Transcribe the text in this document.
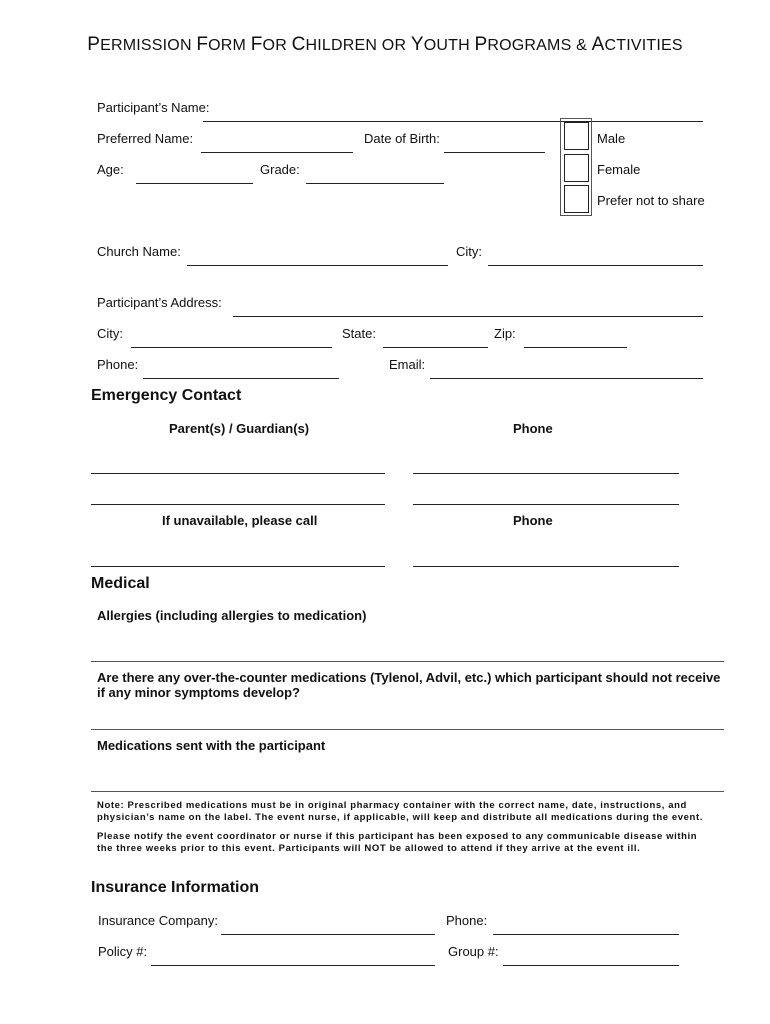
PERMISSION FORM FOR CHILDREN OR YOUTH PROGRAMS & ACTIVITIES
Participant’s Name:
Preferred Name:	Date of Birth:
Age:	Grade:
Male
Female
Prefer not to share
Church Name:	City:
Participant’s Address:
City:	State:	Zip:
Phone:	Email:
Emergency Contact
Parent(s) / Guardian(s)	Phone
If unavailable, please call	Phone
Medical
Allergies (including allergies to medication)
Are there any over-the-counter medications (Tylenol, Advil, etc.) which participant should not receive if any minor symptoms develop?
Medications sent with the participant
Note: Prescribed medications must be in original pharmacy container with the correct name, date, instructions, and physician’s name on the label. The event nurse, if applicable, will keep and distribute all medications during the event.
Please notify the event coordinator or nurse if this participant has been exposed to any communicable disease within the three weeks prior to this event. Participants will NOT be allowed to attend if they arrive at the event ill.
Insurance Information
Insurance Company:	Phone:
Policy #:	Group #:
